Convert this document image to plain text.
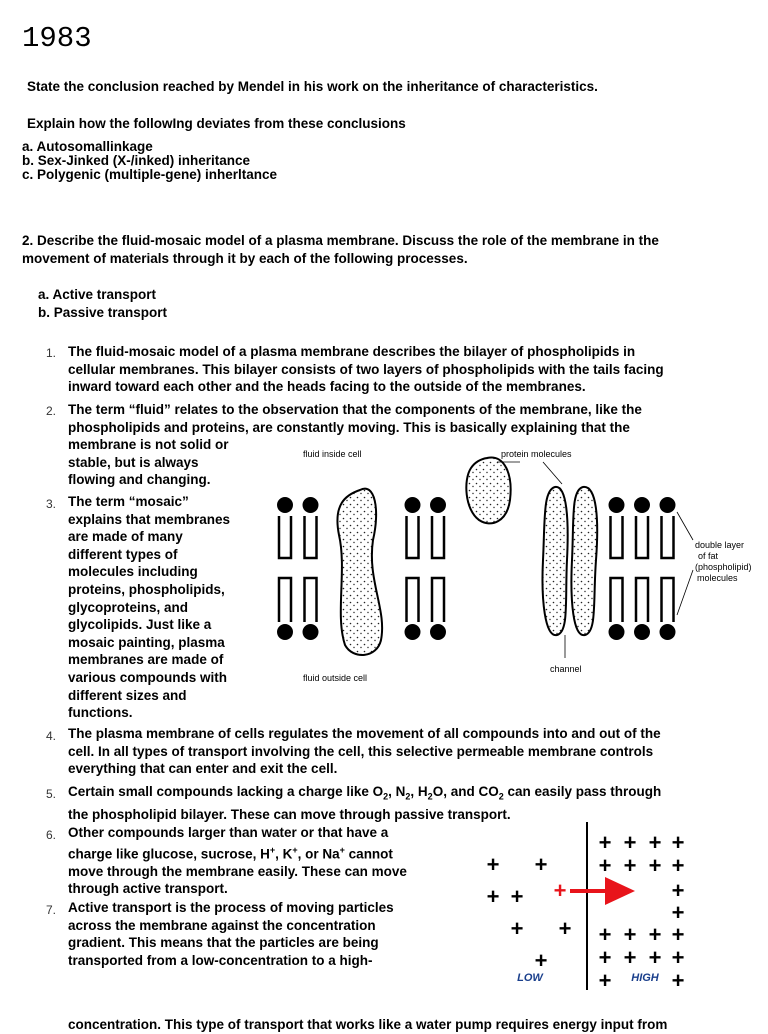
1983
State the conclusion reached by Mendel in his work on the inheritance of characteristics.
Explain how the followIng deviates from these conclusions
a. Autosomallinkage
b. Sex-Jinked (X-/inked) inheritance
c. Polygenic (multiple-gene) inherltance
2. Describe the fluid-mosaic model of a plasma membrane. Discuss the role of the membrane in the
movement of materials through it by each of the following processes.
a. Active transport
b. Passive transport
1.
2.
3.
4.
5.
6.
7.
The fluid-mosaic model of a plasma membrane describes the bilayer of phospholipids in
cellular membranes. This bilayer consists of two layers of phospholipids with the tails facing
inward toward each other and the heads facing to the outside of the membranes.
The term “fluid” relates to the observation that the components of the membrane, like the
phospholipids and proteins, are constantly moving. This is basically explaining that the
membrane is not solid or
stable, but is always
flowing and changing.
The term “mosaic”
explains that membranes
are made of many
different types of
molecules including
proteins, phospholipids,
glycoproteins, and
glycolipids. Just like a
mosaic painting, plasma
membranes are made of
various compounds with
different sizes and
functions.
The plasma membrane of cells regulates the movement of all compounds into and out of the
cell. In all types of transport involving the cell, this selective permeable membrane controls
everything that can enter and exit the cell.
Certain small compounds lacking a charge like $O_2$, $N_2$, $H_2O$, and $CO_2$ can easily pass through
the phospholipid bilayer. These can move through passive transport.
Other compounds larger than water or that have a
charge like glucose, sucrose, H+, K+, or Na+ cannot
move through the membrane easily. These can move
through active transport.
Active transport is the process of moving particles
across the membrane against the concentration
gradient. This means that the particles are being
transported from a low-concentration to a high-
concentration. This type of transport that works like a water pump requires energy input from
fluid inside cell	protein molecules
double layer
of fat
(phospholipid)
molecules
channel
fluid outside cell
+ +
+ +
+ +
+
+ + + +
+ + + +
+
+
+ + + +
+ + + +
+	+
+
LOW	HIGH
